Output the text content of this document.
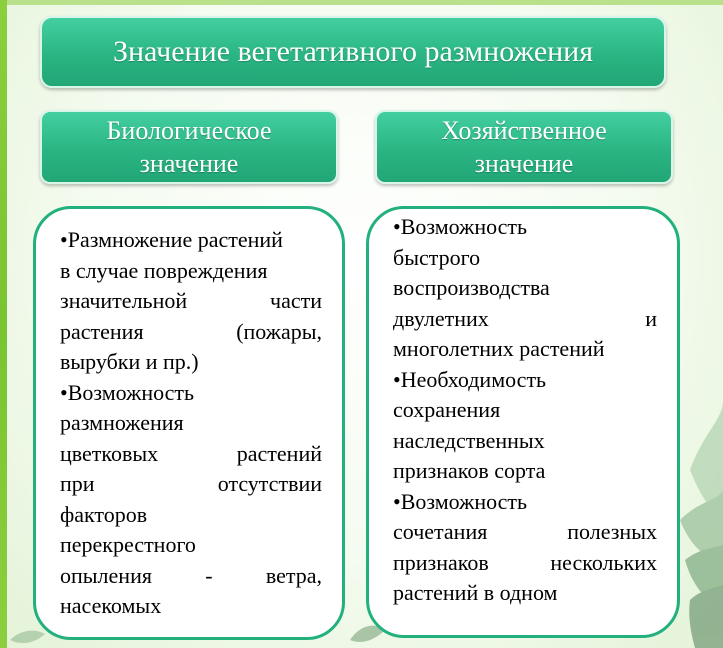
Значение вегетативного размножения
Биологическое
значение
Хозяйственное
значение
•Размножение растений
в случае повреждения
значительной	части
растения	(пожары,
вырубки и пр.)
•Возможность
размножения
цветковых	растений
при	отсутствии
факторов
перекрестного
опыления - ветра,
насекомых
•Возможность
быстрого
воспроизводства
двулетних	и
многолетних растений
•Необходимость
сохранения
наследственных
признаков сорта
•Возможность
сочетания	полезных
признаков	нескольких
растений в одном
